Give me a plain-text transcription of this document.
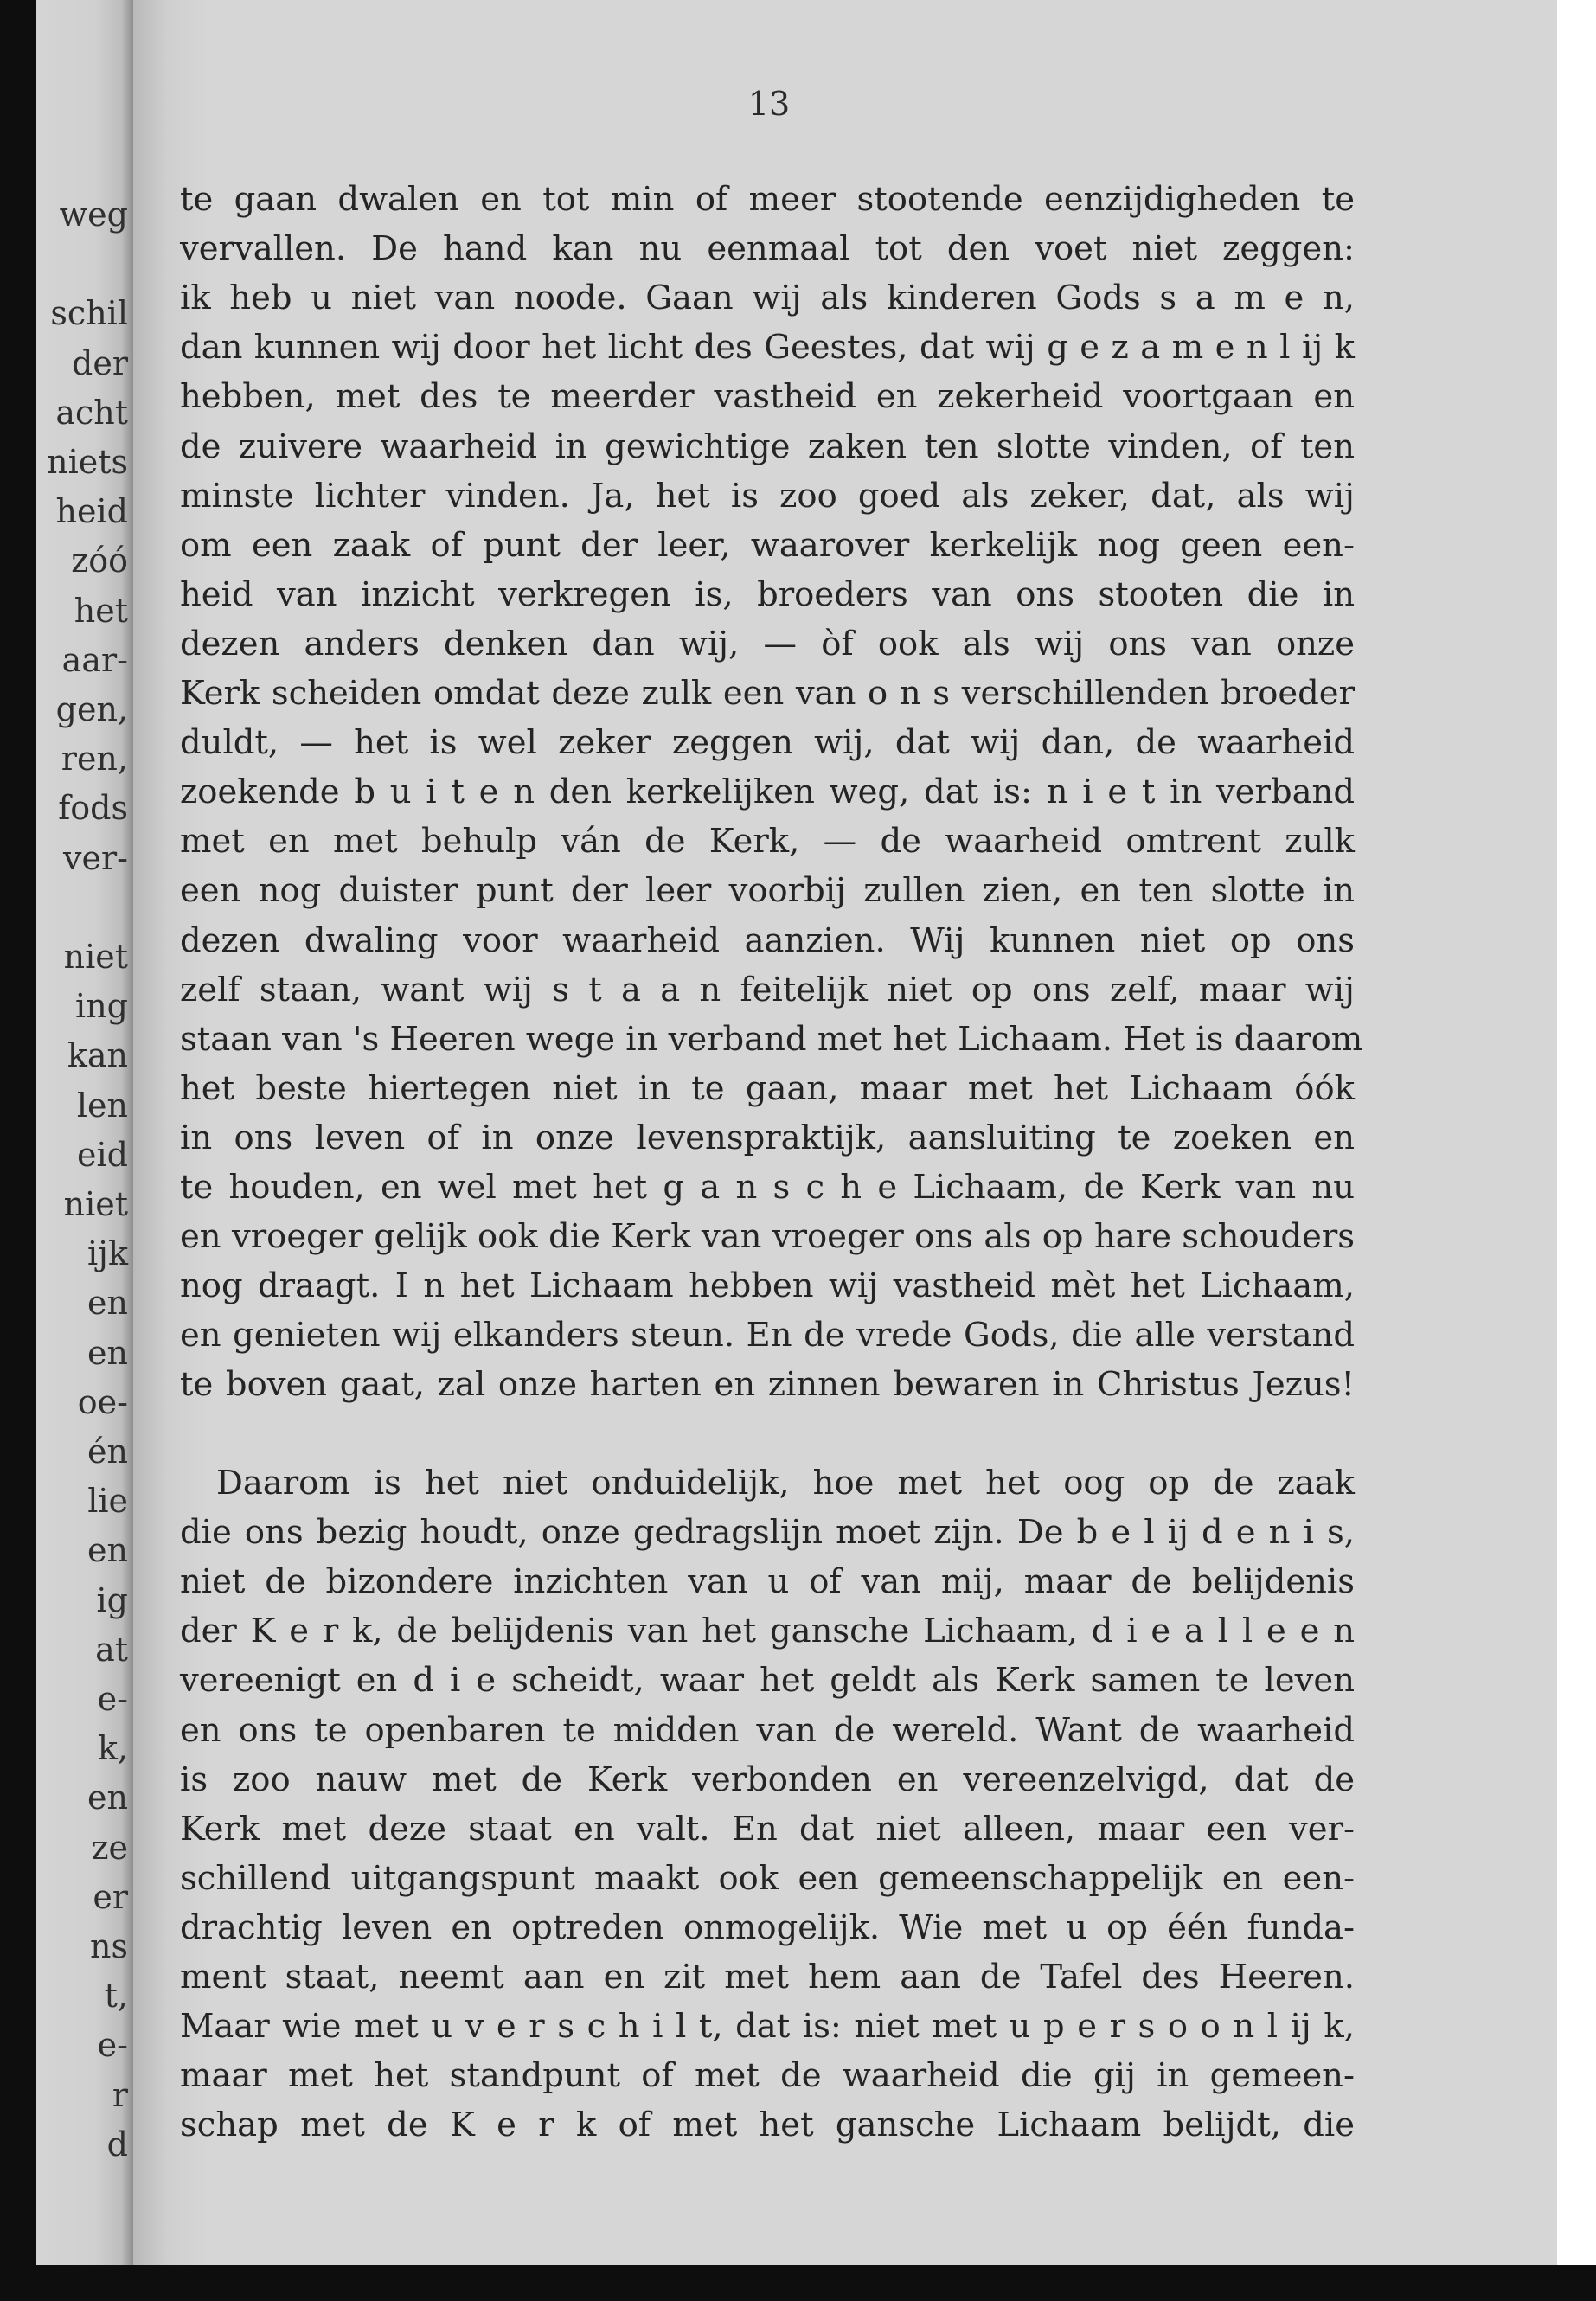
weg
schil
der
acht
niets
heid
zóó
het
aar-
gen,
ren,
fods
ver-
niet
ing
kan
len
eid
niet
ijk
en
en
oe-
én
lie
en
ig
at
e-
k,
en
ze
er
ns
t,
e-
r
d

13

te gaan dwalen en tot min of meer stootende eenzijdigheden te

vervallen. De hand kan nu eenmaal tot den voet niet zeggen:

ik heb u niet van noode. Gaan wij als kinderen Gods s a m e n,

dan kunnen wij door het licht des Geestes, dat wij g e z a m e n l ij k

hebben, met des te meerder vastheid en zekerheid voortgaan en

de zuivere waarheid in gewichtige zaken ten slotte vinden, of ten

minste lichter vinden. Ja, het is zoo goed als zeker, dat, als wij

om een zaak of punt der leer, waarover kerkelijk nog geen een-

heid van inzicht verkregen is, broeders van ons stooten die in

dezen anders denken dan wij, — òf ook als wij ons van onze

Kerk scheiden omdat deze zulk een van o n s verschillenden broeder

duldt, — het is wel zeker zeggen wij, dat wij dan, de waarheid

zoekende b u i t e n den kerkelijken weg, dat is: n i e t in verband

met en met behulp ván de Kerk, — de waarheid omtrent zulk

een nog duister punt der leer voorbij zullen zien, en ten slotte in

dezen dwaling voor waarheid aanzien. Wij kunnen niet op ons

zelf staan, want wij s t a a n feitelijk niet op ons zelf, maar wij

staan van 's Heeren wege in verband met het Lichaam. Het is daarom

het beste hiertegen niet in te gaan, maar met het Lichaam óók

in ons leven of in onze levenspraktijk, aansluiting te zoeken en

te houden, en wel met het g a n s c h e Lichaam, de Kerk van nu

en vroeger gelijk ook die Kerk van vroeger ons als op hare schouders

nog draagt. I n het Lichaam hebben wij vastheid mèt het Lichaam,

en genieten wij elkanders steun. En de vrede Gods, die alle verstand

te boven gaat, zal onze harten en zinnen bewaren in Christus Jezus!

Daarom is het niet onduidelijk, hoe met het oog op de zaak

die ons bezig houdt, onze gedragslijn moet zijn. De b e l ij d e n i s,

niet de bizondere inzichten van u of van mij, maar de belijdenis

der K e r k, de belijdenis van het gansche Lichaam, d i e a l l e e n

vereenigt en d i e scheidt, waar het geldt als Kerk samen te leven

en ons te openbaren te midden van de wereld. Want de waarheid

is zoo nauw met de Kerk verbonden en vereenzelvigd, dat de

Kerk met deze staat en valt. En dat niet alleen, maar een ver-

schillend uitgangspunt maakt ook een gemeenschappelijk en een-

drachtig leven en optreden onmogelijk. Wie met u op één funda-

ment staat, neemt aan en zit met hem aan de Tafel des Heeren.

Maar wie met u v e r s c h i l t, dat is: niet met u p e r s o o n l ij k,

maar met het standpunt of met de waarheid die gij in gemeen-

schap met de K e r k of met het gansche Lichaam belijdt, die
